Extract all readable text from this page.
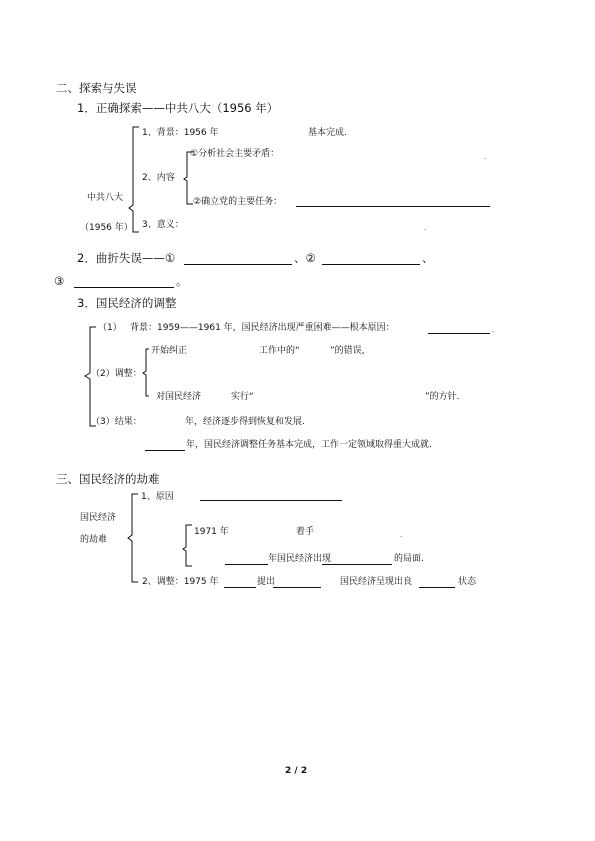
二、探索与失误
1．正确探索——中共八大（1956 年）
中共八大
（1956 年）
1、背景：1956 年	基本完成.
2、内容
①分析社会主要矛盾：	.
②确立党的主要任务：
3、意义：	.
2．曲折失误——①	、②	、
③	。
3．国民经济的调整
（1） 背景：1959——1961 年，国民经济出现严重困难——根本原因：	.
（2）调整：
开始纠正	工作中的“	”的错误，
对国民经济	实行“	”的方针.
（3）结果：	年，经济逐步得到恢复和发展.
年，国民经济调整任务基本完成，工作一定领域取得重大成就.
三、国民经济的劫难
国民经济
的劫难
1、原因
1971 年	着手	.
年国民经济出现	的局面.
2、调整：1975 年	提出	国民经济呈现出良	状态
2 / 2
